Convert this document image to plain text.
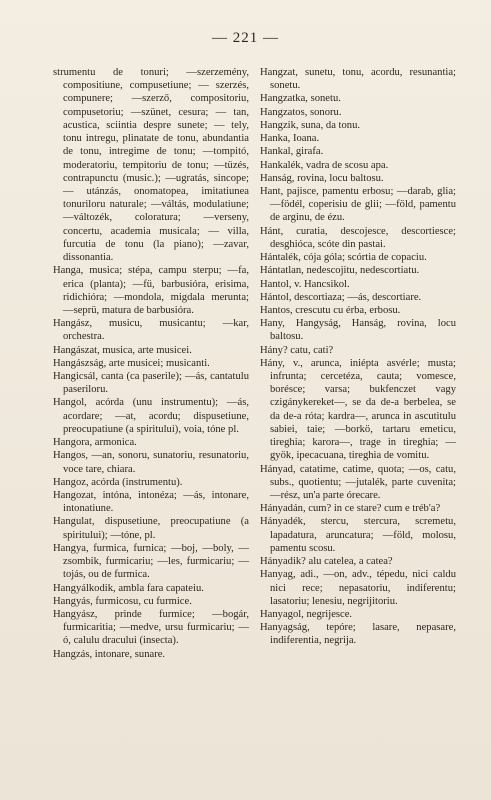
— 221 —
strumentu de tonuri; —szerzemény, compositiune, compusetiune; — szerzés, compunere; —szerző, compositoriu, compusetoriu; —szünet, cesura; — tan, acustica, sciintia despre sunete; — tely, tonu intregu, plinatate de tonu, abundantia de tonu, intregime de tonu; —tompitó, moderatoriu, tempitoriu de tonu; —tüzés, contrapunctu (music.); —ugratás, sincope; — utánzás, onomatopea, imitatiunea tonuriloru naturale; —váltás, modulatiune; —változék, coloratura; —verseny, concertu, academia musicala; — villa, furcutia de tonu (la piano); —zavar, dissonantia.
Hanga, musica; stépa, campu sterpu; —fa, erica (planta); —fü, barbusióra, erisima, ridichióra; —mondola, migdala merunta; —seprü, matura de barbusióra.
Hangász, musicu, musicantu; —kar, orchestra.
Hangászat, musica, arte musicei.
Hangászság, arte musicei; musicanti.
Hangicsál, canta (ca paserile); —ás, cantatulu paseriloru.
Hangol, acórda (unu instrumentu); —ás, acordare; —at, acordu; dispusetiune, preocupatiune (a spiritului), voia, tóne pl.
Hangora, armonica.
Hangos, —an, sonoru, sunatoriu, resunatoriu, voce tare, chiara.
Hangoz, acórda (instrumentu).
Hangozat, intóna, intonéza; —ás, intonare, intonatiune.
Hangulat, dispusetiune, preocupatiune (a spiritului); —tóne, pl.
Hangya, furmica, furnica; —boj, —boly, —zsombik, furmicariu; —les, furmicariu; —tojás, ou de furmica.
Hangyálkodik, ambla fara capateiu.
Hangyás, furmicosu, cu furmice.
Hangyász, prinde furmice; —bogár, furmicaritia; —medve, ursu furmicariu; —ó, calulu dracului (insecta).
Hangzás, intonare, sunare.
Hangzat, sunetu, tonu, acordu, resunantia; sonetu.
Hangzatka, sonetu.
Hangzatos, sonoru.
Hangzik, suna, da tonu.
Hanka, Ioana.
Hankal, girafa.
Hankalék, vadra de scosu apa.
Hanság, rovina, locu baltosu.
Hant, pajisce, pamentu erbosu; —darab, glia; —födél, coperisiu de glii; —föld, pamentu de arginu, de ézu.
Hánt, curatia, descojesce, descortiesce; desghióca, scóte din pastai.
Hántalék, cója góla; scórtia de copaciu.
Hántatlan, nedescojitu, nedescortiatu.
Hantol, v. Hancsikol.
Hántol, descortiaza; —ás, descortiare.
Hantos, crescutu cu érba, erbosu.
Hany, Hangyság, Hanság, rovina, locu baltosu.
Hány? catu, cati?
Hány, v., arunca, iniépta asvérle; musta; infrunta; cercetéza, cauta; vomesce, borésce; varsa; bukfenczet vagy czigánykereket—, se da de-a berbelea, se da de-a róta; kardra—, arunca in ascutitulu sabiei, taie; —borkö, tartaru emeticu, tireghia; karora—, trage in tireghia; —gyök, ipecacuana, tireghia de vomitu.
Hányad, catatime, catime, quota; —os, catu, subs., quotientu; —jutalék, parte cuvenita; —rész, un'a parte órecare.
Hányadán, cum? in ce stare? cum e tréb'a?
Hányadék, stercu, stercura, scremetu, lapadatura, aruncatura; —föld, molosu, pamentu scosu.
Hányadik? alu catelea, a catea?
Hanyag, adi., —on, adv., tépedu, nici caldu nici rece; nepasatoriu, indiferentu; lasatoriu; lenesiu, negrijitoriu.
Hanyagol, negrijesce.
Hanyagság, tepóre; lasare, nepasare, indiferentia, negrija.
